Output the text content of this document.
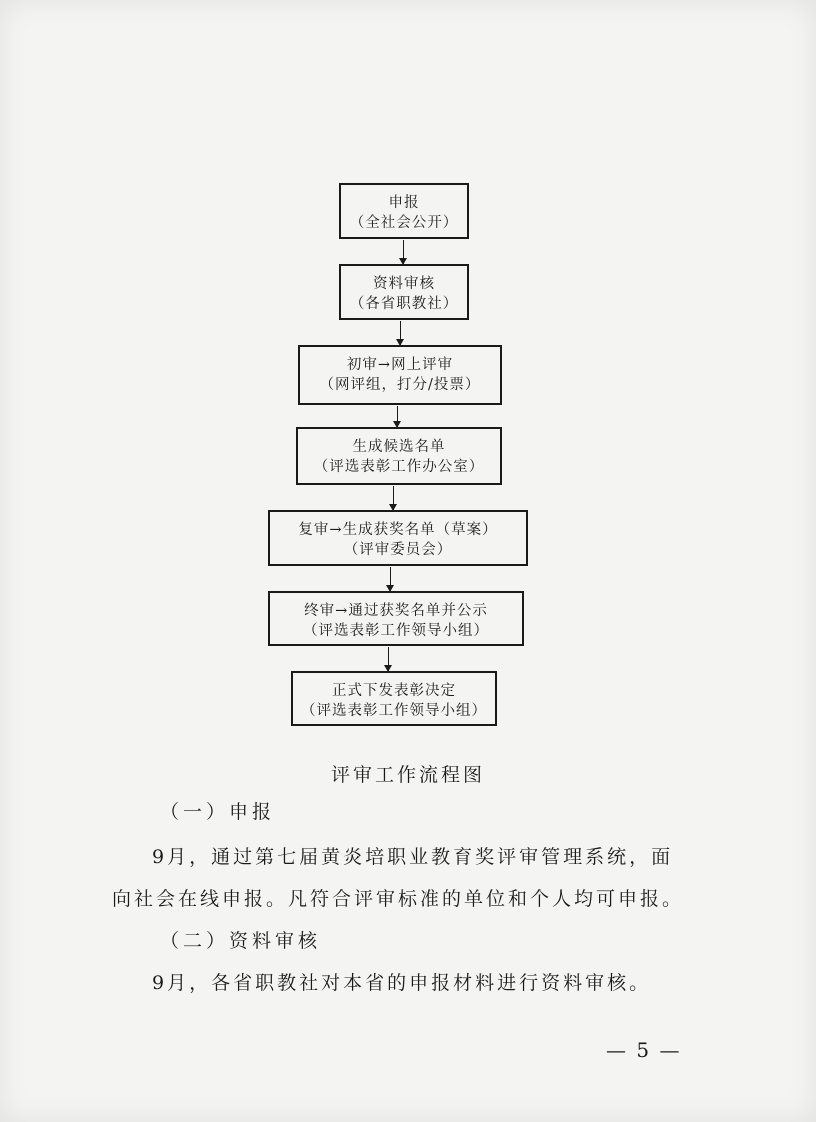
申报
（全社会公开）
资料审核
（各省职教社）
初审→网上评审
（网评组，打分/投票）
生成候选名单
（评选表彰工作办公室）
复审→生成获奖名单（草案）
（评审委员会）
终审→通过获奖名单并公示
（评选表彰工作领导小组）
正式下发表彰决定
（评选表彰工作领导小组）
评审工作流程图
（一）申报
9月，通过第七届黄炎培职业教育奖评审管理系统，面
向社会在线申报。凡符合评审标准的单位和个人均可申报。
（二）资料审核
9月，各省职教社对本省的申报材料进行资料审核。
— 5 —
